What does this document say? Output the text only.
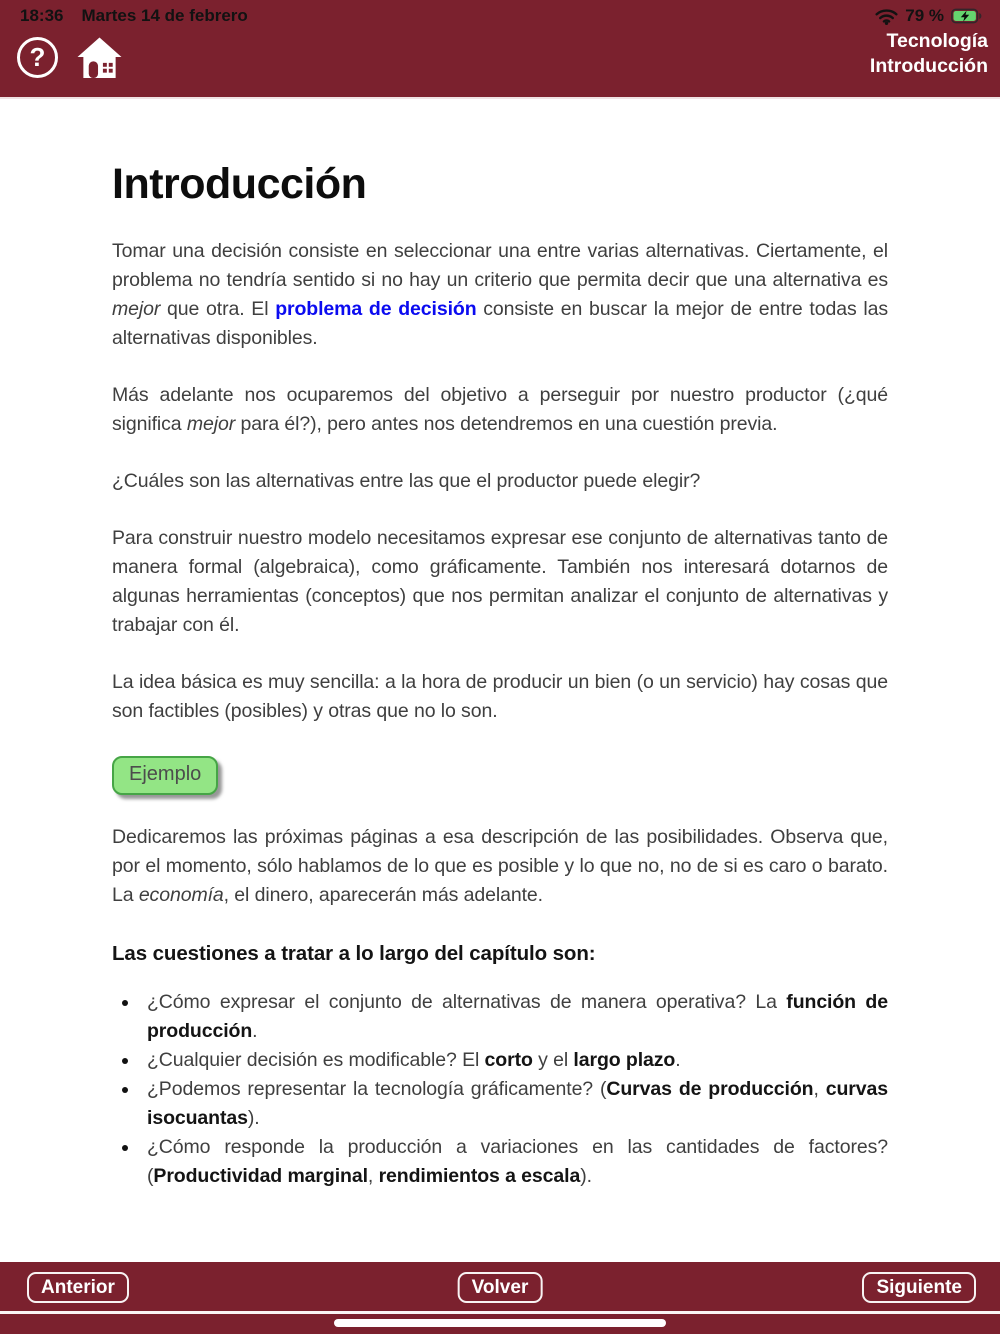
18:36 Martes 14 de febrero	79 %
?
Tecnología
Introducción
Introducción

Tomar una decisión consiste en seleccionar una entre varias alternativas. Ciertamente, el problema no tendría sentido si no hay un criterio que permita decir que una alternativa es mejor que otra. El problema de decisión consiste en buscar la mejor de entre todas las alternativas disponibles.

Más adelante nos ocuparemos del objetivo a perseguir por nuestro productor (¿qué significa mejor para él?), pero antes nos detendremos en una cuestión previa.

¿Cuáles son las alternativas entre las que el productor puede elegir?

Para construir nuestro modelo necesitamos expresar ese conjunto de alternativas tanto de manera formal (algebraica), como gráficamente. También nos interesará dotarnos de algunas herramientas (conceptos) que nos permitan analizar el conjunto de alternativas y trabajar con él.

La idea básica es muy sencilla: a la hora de producir un bien (o un servicio) hay cosas que son factibles (posibles) y otras que no lo son.

Ejemplo

Dedicaremos las próximas páginas a esa descripción de las posibilidades. Observa que, por el momento, sólo hablamos de lo que es posible y lo que no, no de si es caro o barato. La economía, el dinero, aparecerán más adelante.

Las cuestiones a tratar a lo largo del capítulo son:
• ¿Cómo expresar el conjunto de alternativas de manera operativa? La función de producción.
• ¿Cualquier decisión es modificable? El corto y el largo plazo.
• ¿Podemos representar la tecnología gráficamente? (Curvas de producción, curvas isocuantas).
• ¿Cómo responde la producción a variaciones en las cantidades de factores? (Productividad marginal, rendimientos a escala).
Anterior	Volver	Siguiente
